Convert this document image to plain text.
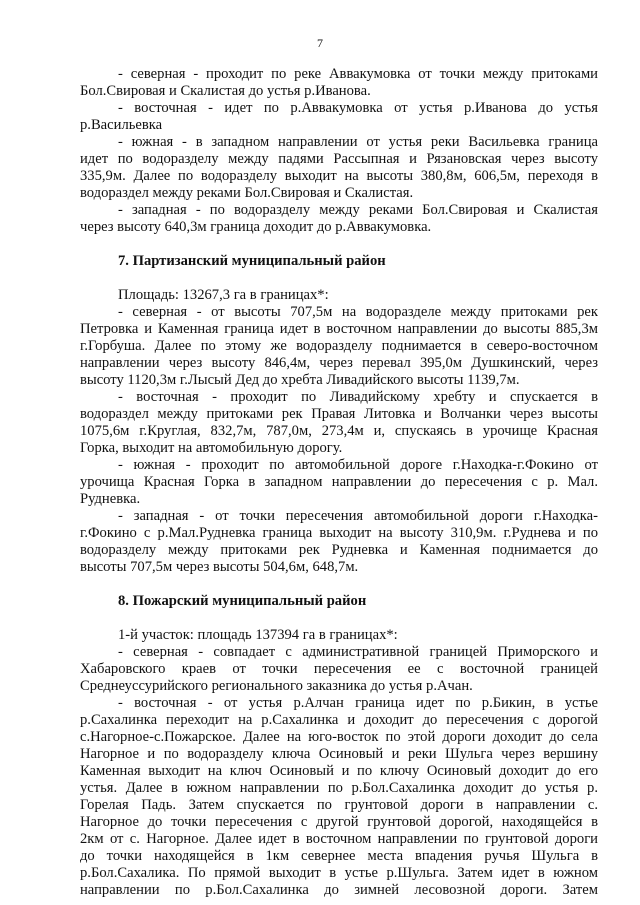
7
- северная - проходит по реке Аввакумовка от точки между притоками
Бол.Свировая и Скалистая до устья р.Иванова.
- восточная - идет по р.Аввакумовка от устья р.Иванова до устья
р.Васильевка
- южная - в западном направлении от устья реки Васильевка граница
идет по водоразделу между падями Рассыпная и Рязановская через высоту
335,9м. Далее по водоразделу выходит на высоты 380,8м, 606,5м, переходя в
водораздел между реками Бол.Свировая и Скалистая.
- западная - по водоразделу между реками Бол.Свировая и Скалистая
через высоту 640,3м граница доходит до р.Аввакумовка.
7. Партизанский муниципальный район
Площадь: 13267,3 га в границах*:
- северная - от высоты 707,5м на водоразделе между притоками рек
Петровка и Каменная граница идет в восточном направлении до высоты 885,3м
г.Горбуша. Далее по этому же водоразделу поднимается в северо-восточном
направлении через высоту 846,4м, через перевал 395,0м Душкинский, через
высоту 1120,3м г.Лысый Дед до хребта Ливадийского высоты 1139,7м.
- восточная - проходит по Ливадийскому хребту и спускается в
водораздел между притоками рек Правая Литовка и Волчанки через высоты
1075,6м г.Круглая, 832,7м, 787,0м, 273,4м и, спускаясь в урочище Красная
Горка, выходит на автомобильную дорогу.
- южная - проходит по автомобильной дороге г.Находка-г.Фокино от
урочища Красная Горка в западном направлении до пересечения с р. Мал.
Рудневка.
- западная - от точки пересечения автомобильной дороги г.Находка-
г.Фокино с р.Мал.Рудневка граница выходит на высоту 310,9м. г.Руднева и по
водоразделу между притоками рек Рудневка и Каменная поднимается до
высоты 707,5м через высоты 504,6м, 648,7м.
8. Пожарский муниципальный район
1-й участок: площадь 137394 га в границах*:
- северная - совпадает с административной границей Приморского и
Хабаровского краев от точки пересечения ее с восточной границей
Среднеуссурийского регионального заказника до устья р.Ачан.
- восточная - от устья р.Алчан граница идет по р.Бикин, в устье
р.Сахалинка переходит на р.Сахалинка и доходит до пересечения с дорогой
с.Нагорное-с.Пожарское. Далее на юго-восток по этой дороги доходит до села
Нагорное и по водоразделу ключа Осиновый и реки Шульга через вершину
Каменная выходит на ключ Осиновый и по ключу Осиновый доходит до его
устья. Далее в южном направлении по р.Бол.Сахалинка доходит до устья р.
Горелая Падь. Затем спускается по грунтовой дороги в направлении с.
Нагорное до точки пересечения с другой грунтовой дорогой, находящейся в
2км от с. Нагорное. Далее идет в восточном направлении по грунтовой дороги
до точки находящейся в 1км севернее места впадения ручья Шульга в
р.Бол.Сахалика. По прямой выходит в устье р.Шульга. Затем идет в южном
направлении по р.Бол.Сахалинка до зимней лесовозной дороги. Затем
